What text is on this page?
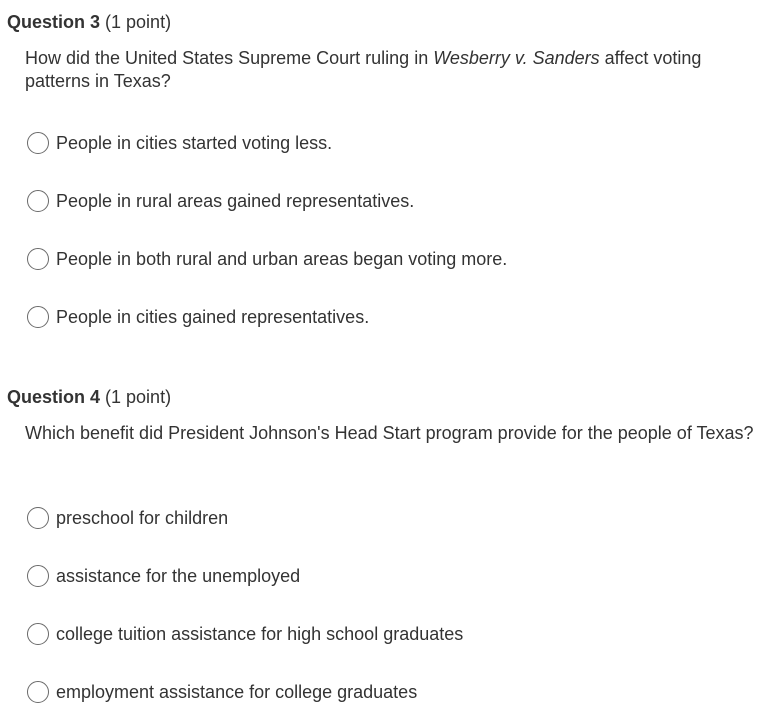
Question 3 (1 point)
How did the United States Supreme Court ruling in Wesberry v. Sanders affect voting patterns in Texas?
People in cities started voting less.
People in rural areas gained representatives.
People in both rural and urban areas began voting more.
People in cities gained representatives.
Question 4 (1 point)
Which benefit did President Johnson's Head Start program provide for the people of Texas?
preschool for children
assistance for the unemployed
college tuition assistance for high school graduates
employment assistance for college graduates
